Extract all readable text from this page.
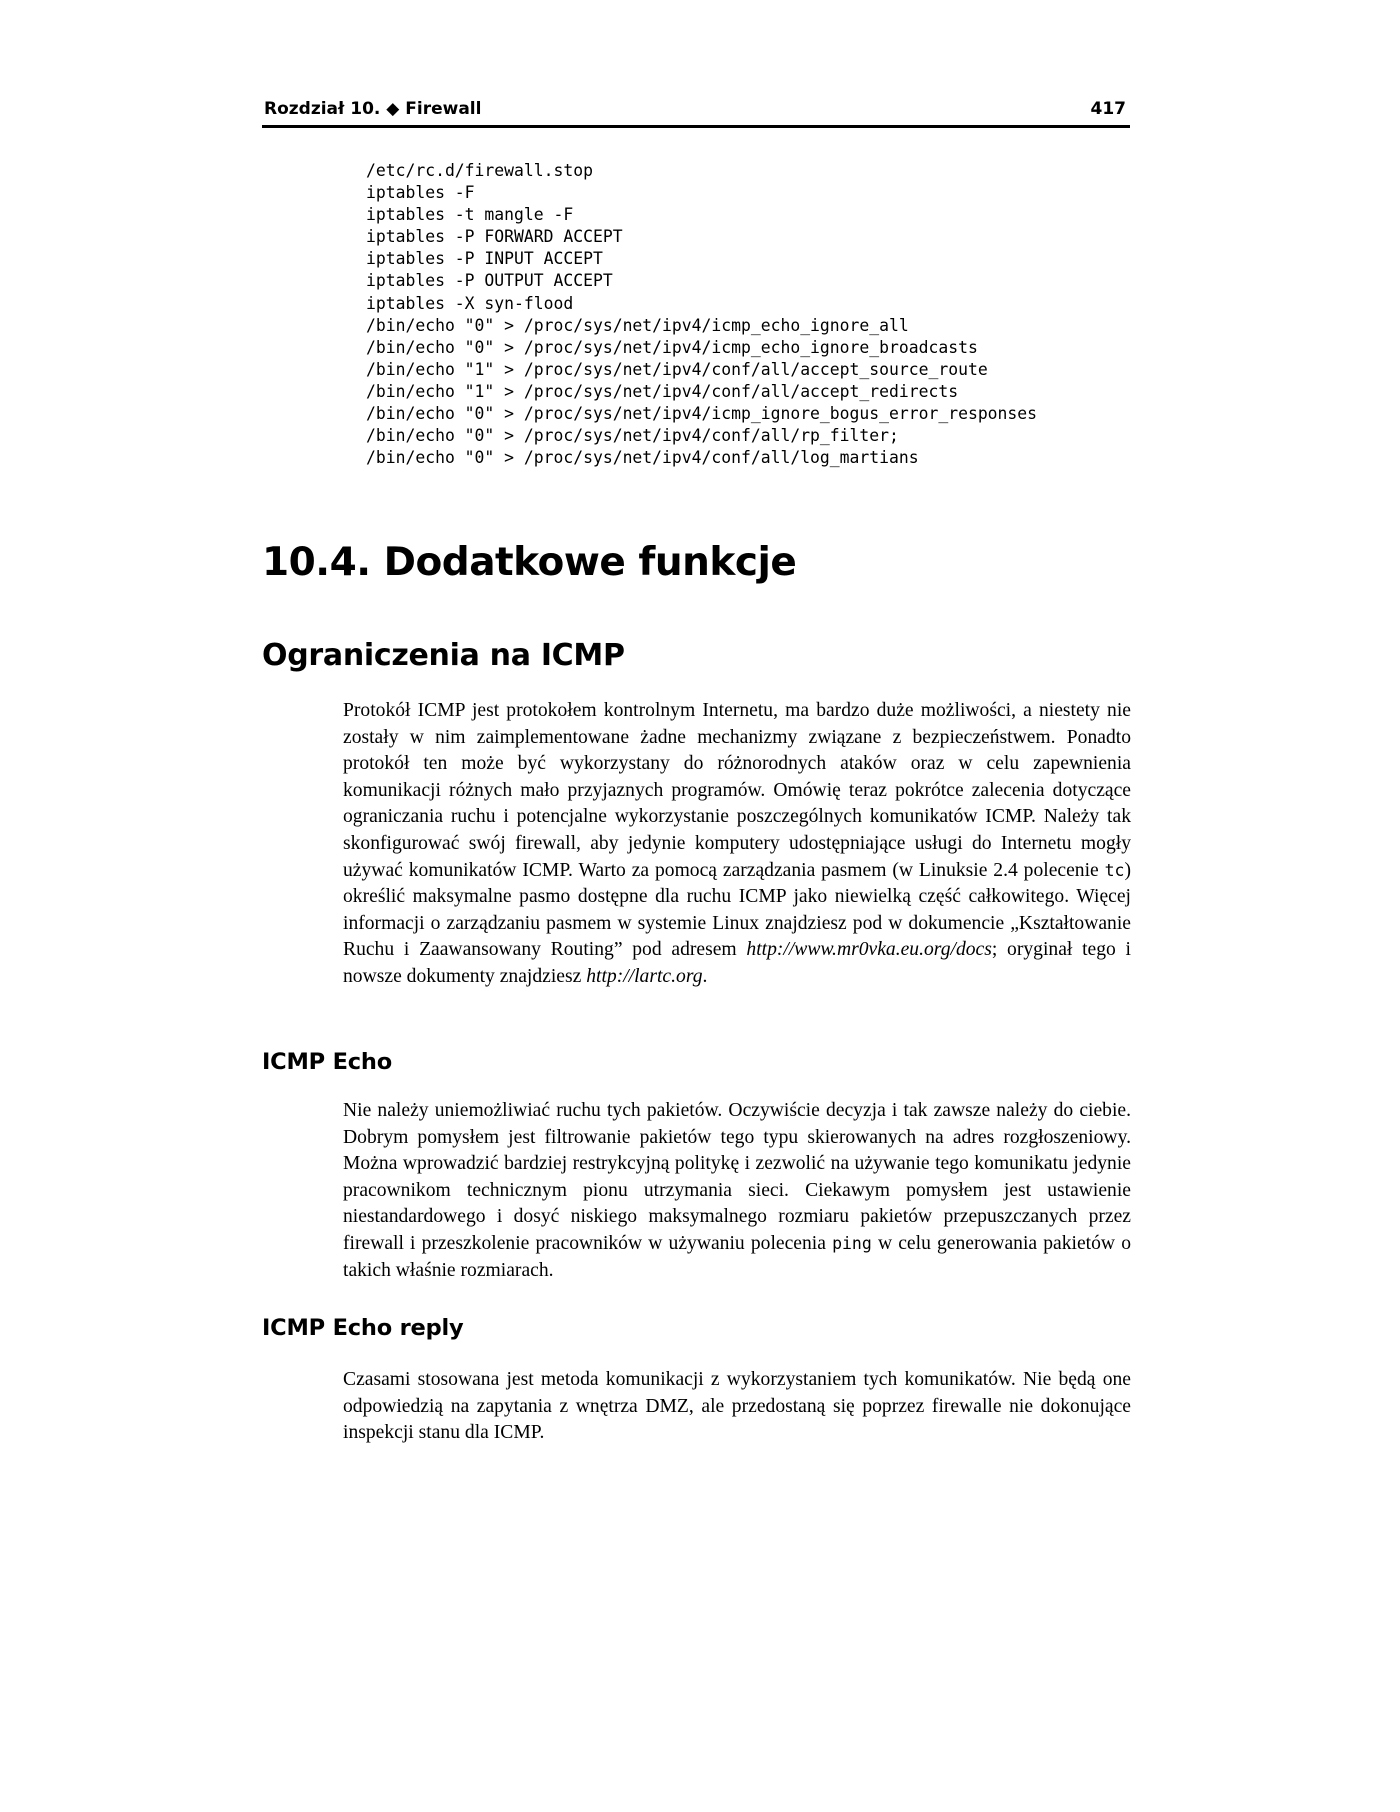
Rozdział 10. ◆ Firewall	417
/etc/rc.d/firewall.stop
iptables -F
iptables -t mangle -F
iptables -P FORWARD ACCEPT
iptables -P INPUT ACCEPT
iptables -P OUTPUT ACCEPT
iptables -X syn-flood
/bin/echo "0" > /proc/sys/net/ipv4/icmp_echo_ignore_all
/bin/echo "0" > /proc/sys/net/ipv4/icmp_echo_ignore_broadcasts
/bin/echo "1" > /proc/sys/net/ipv4/conf/all/accept_source_route
/bin/echo "1" > /proc/sys/net/ipv4/conf/all/accept_redirects
/bin/echo "0" > /proc/sys/net/ipv4/icmp_ignore_bogus_error_responses
/bin/echo "0" > /proc/sys/net/ipv4/conf/all/rp_filter;
/bin/echo "0" > /proc/sys/net/ipv4/conf/all/log_martians
10.4. Dodatkowe funkcje
Ograniczenia na ICMP

Protokół ICMP jest protokołem kontrolnym Internetu, ma bardzo duże możliwości, a niestety nie zostały w nim zaimplementowane żadne mechanizmy związane z bezpieczeństwem. Ponadto protokół ten może być wykorzystany do różnorodnych ataków oraz w celu zapewnienia komunikacji różnych mało przyjaznych programów. Omówię teraz pokrótce zalecenia dotyczące ograniczania ruchu i potencjalne wykorzystanie poszczególnych komunikatów ICMP. Należy tak skonfigurować swój firewall, aby jedynie komputery udostępniające usługi do Internetu mogły używać komunikatów ICMP. Warto za pomocą zarządzania pasmem (w Linuksie 2.4 polecenie tc) określić maksymalne pasmo dostępne dla ruchu ICMP jako niewielką część całkowitego. Więcej informacji o zarządzaniu pasmem w systemie Linux znajdziesz pod w dokumencie „Kształtowanie Ruchu i Zaawansowany Routing” pod adresem http://www.mr0vka.eu.org/docs; oryginał tego i nowsze dokumenty znajdziesz http://lartc.org.

ICMP Echo

Nie należy uniemożliwiać ruchu tych pakietów. Oczywiście decyzja i tak zawsze należy do ciebie. Dobrym pomysłem jest filtrowanie pakietów tego typu skierowanych na adres rozgłoszeniowy. Można wprowadzić bardziej restrykcyjną politykę i zezwolić na używanie tego komunikatu jedynie pracownikom technicznym pionu utrzymania sieci. Ciekawym pomysłem jest ustawienie niestandardowego i dosyć niskiego maksymalnego rozmiaru pakietów przepuszczanych przez firewall i przeszkolenie pracowników w używaniu polecenia ping w celu generowania pakietów o takich właśnie rozmiarach.

ICMP Echo reply

Czasami stosowana jest metoda komunikacji z wykorzystaniem tych komunikatów. Nie będą one odpowiedzią na zapytania z wnętrza DMZ, ale przedostaną się poprzez firewalle nie dokonujące inspekcji stanu dla ICMP.
